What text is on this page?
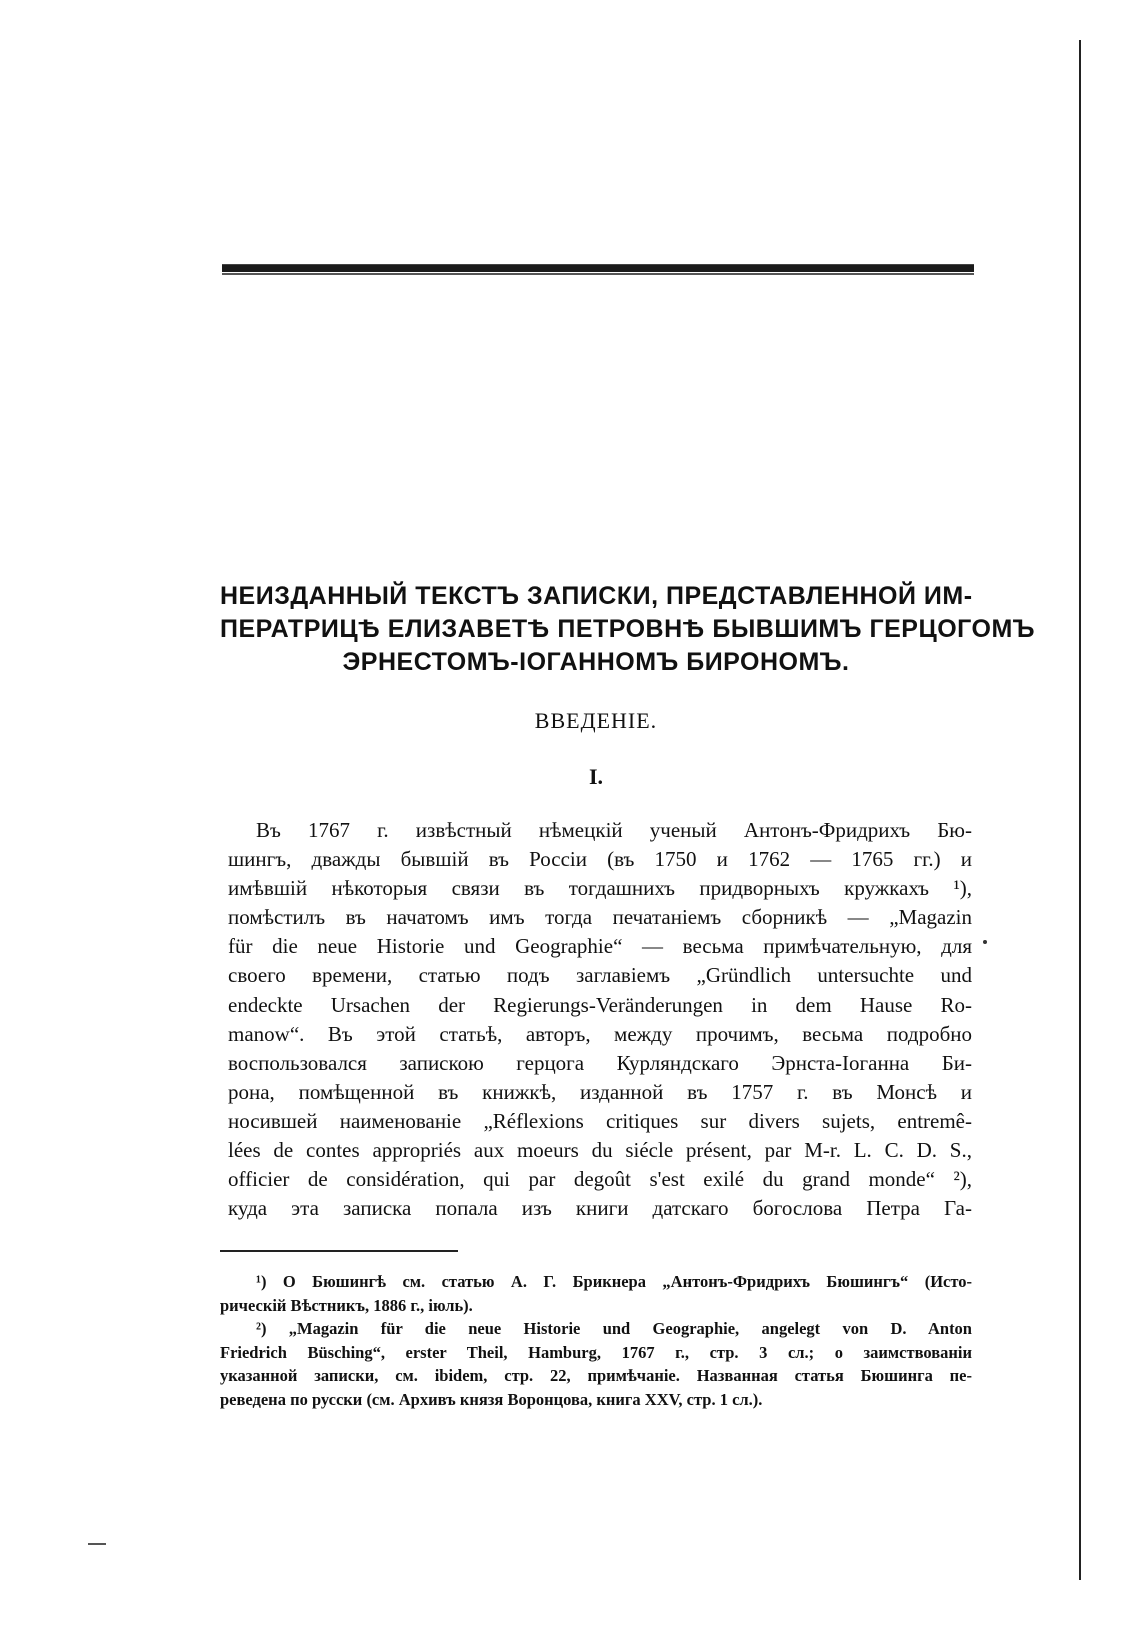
НЕИЗДАННЫЙ ТЕКСТЪ ЗАПИСКИ, ПРЕДСТАВЛЕННОЙ ИМ-
ПЕРАТРИЦѢ ЕЛИЗАВЕТѢ ПЕТРОВНѢ БЫВШИМЪ ГЕРЦОГОМЪ
ЭРНЕСТОМЪ-ІОГАННОМЪ БИРОНОМЪ.
ВВЕДЕНІЕ.
I.
Въ 1767 г. извѣстный нѣмецкій ученый Антонъ-Фридрихъ Бю-
шингъ, дважды бывшій въ Россіи (въ 1750 и 1762 — 1765 гг.) и
имѣвшій нѣкоторыя связи въ тогдашнихъ придворныхъ кружкахъ ¹),
помѣстилъ въ начатомъ имъ тогда печатаніемъ сборникѣ — „Magazin
für die neue Historie und Geographie“ — весьма примѣчательную, для
своего времени, статью подъ заглавіемъ „Gründlich untersuchte und
endeckte Ursachen der Regierungs-Veränderungen in dem Hause Ro-
manow“. Въ этой статьѣ, авторъ, между прочимъ, весьма подробно
воспользовался запискою герцога Курляндскаго Эрнста-Іоганна Би-
рона, помѣщенной въ книжкѣ, изданной въ 1757 г. въ Монсѣ и
носившей наименованіе „Réflexions critiques sur divers sujets, entremê-
lées de contes appropriés aux moeurs du siécle présent, par M-r. L. C. D. S.,
officier de considération, qui par degoût s'est exilé du grand monde“ ²),
куда эта записка попала изъ книги датскаго богослова Петра Га-
¹) О Бюшингѣ см. статью А. Г. Брикнера „Антонъ-Фридрихъ Бюшингъ“ (Исто-
рическій Вѣстникъ, 1886 г., іюль).
²) „Magazin für die neue Historie und Geographie, angelegt von D. Anton
Friedrich Büsching“, erster Theil, Hamburg, 1767 г., стр. 3 сл.; о заимствованіи
указанной записки, см. ibidem, стр. 22, примѣчаніе. Названная статья Бюшинга пе-
реведена по русски (см. Архивъ князя Воронцова, книга XXV, стр. 1 сл.).
